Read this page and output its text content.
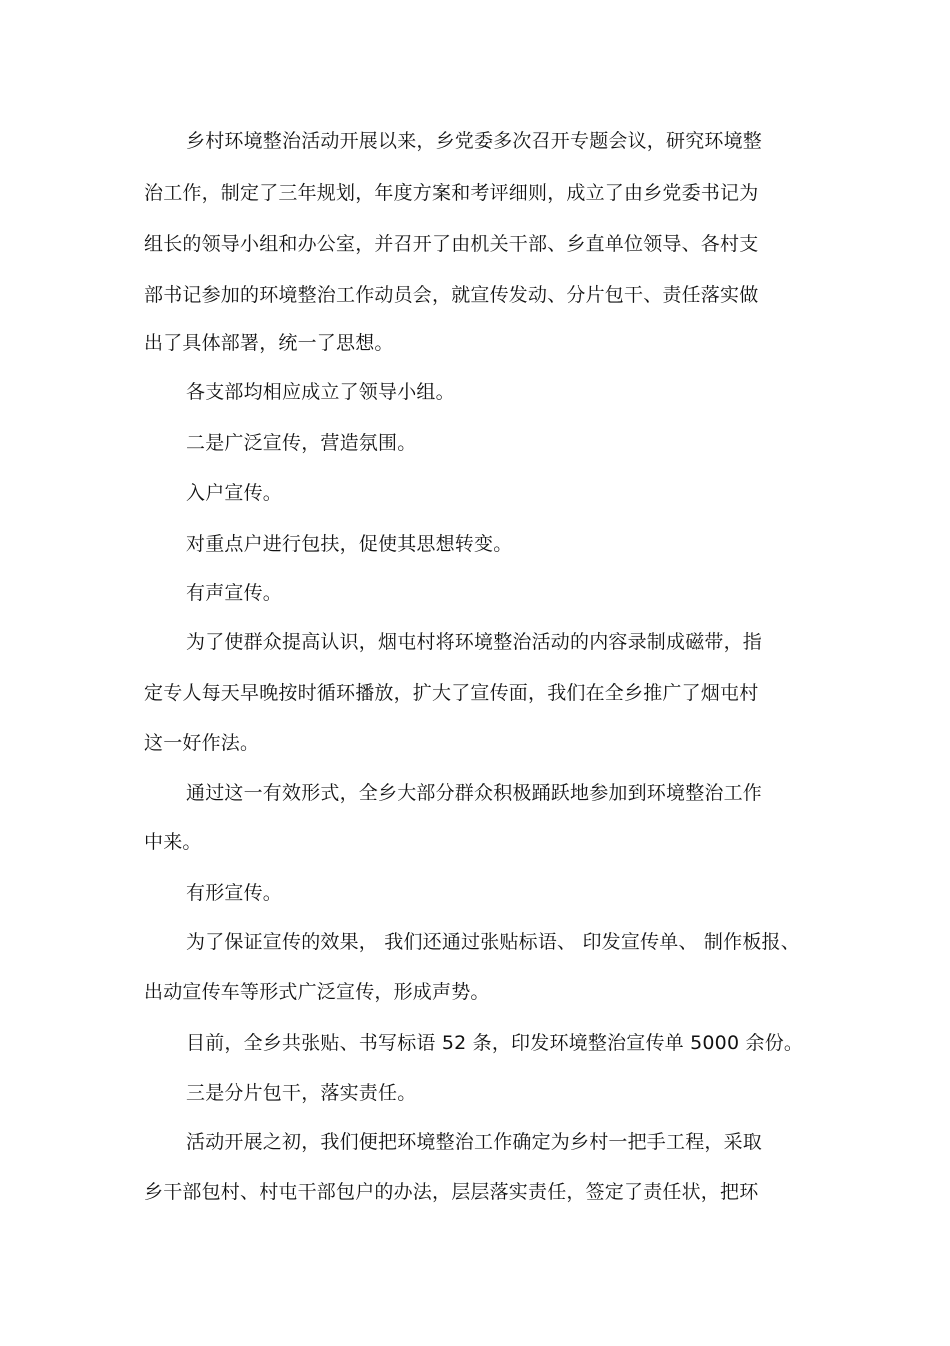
乡村环境整治活动开展以来，乡党委多次召开专题会议，研究环境整
治工作，制定了三年规划，年度方案和考评细则，成立了由乡党委书记为
组长的领导小组和办公室，并召开了由机关干部、乡直单位领导、各村支
部书记参加的环境整治工作动员会，就宣传发动、分片包干、责任落实做
出了具体部署，统一了思想。
各支部均相应成立了领导小组。
二是广泛宣传，营造氛围。
入户宣传。
对重点户进行包扶，促使其思想转变。
有声宣传。
为了使群众提高认识，烟屯村将环境整治活动的内容录制成磁带，指
定专人每天早晚按时循环播放，扩大了宣传面，我们在全乡推广了烟屯村
这一好作法。
通过这一有效形式，全乡大部分群众积极踊跃地参加到环境整治工作
中来。
有形宣传。
为了保证宣传的效果， 我们还通过张贴标语、 印发宣传单、 制作板报、
出动宣传车等形式广泛宣传，形成声势。
目前，全乡共张贴、书写标语 52 条，印发环境整治宣传单 5000 余份。
三是分片包干，落实责任。
活动开展之初，我们便把环境整治工作确定为乡村一把手工程，采取
乡干部包村、村屯干部包户的办法，层层落实责任，签定了责任状，把环
